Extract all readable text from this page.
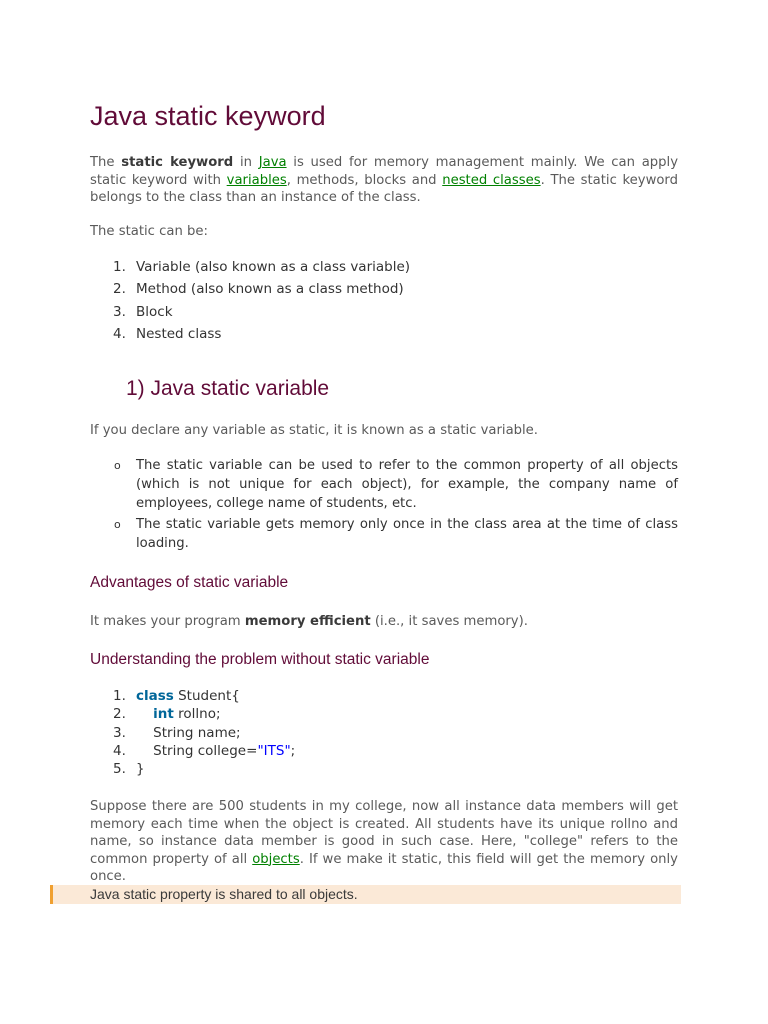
Java static keyword

The static keyword in Java is used for memory management mainly. We can apply static keyword with variables, methods, blocks and nested classes. The static keyword belongs to the class than an instance of the class.

The static can be:

1. Variable (also known as a class variable)
2. Method (also known as a class method)
3. Block
4. Nested class
1) Java static variable

If you declare any variable as static, it is known as a static variable.

o The static variable can be used to refer to the common property of all objects (which is not unique for each object), for example, the company name of employees, college name of students, etc.
o The static variable gets memory only once in the class area at the time of class loading.
Advantages of static variable

It makes your program memory efficient (i.e., it saves memory).

Understanding the problem without static variable
1. class Student{
2.	int rollno;
3.	String name;
4.	String college="ITS";
5. }

Suppose there are 500 students in my college, now all instance data members will get memory each time when the object is created. All students have its unique rollno and name, so instance data member is good in such case. Here, "college" refers to the common property of all objects. If we make it static, this field will get the memory only once.

Java static property is shared to all objects.
